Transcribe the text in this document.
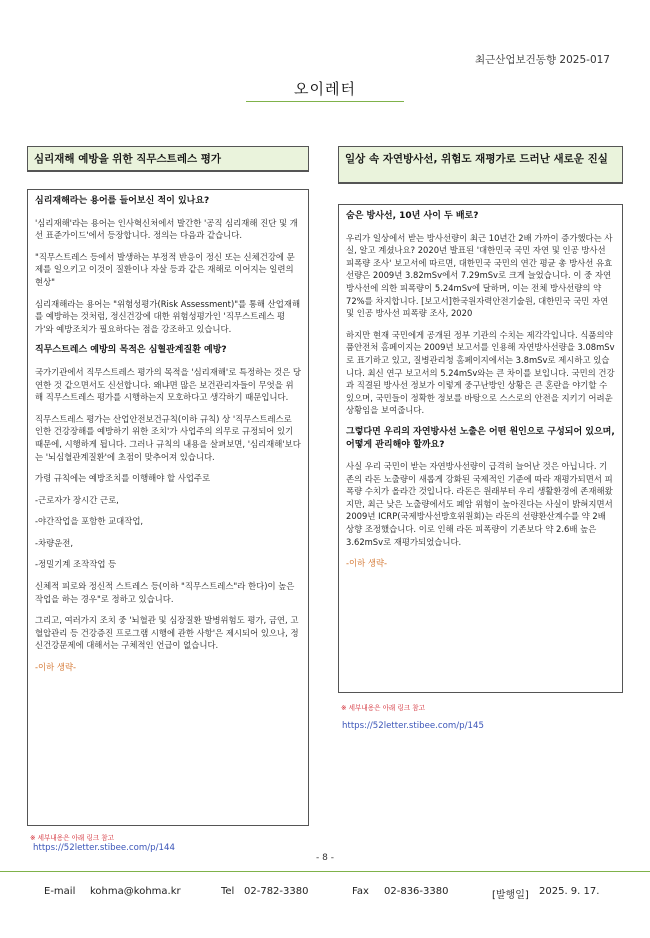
최근산업보건동향 2025-017
오이레터
심리재해 예방을 위한 직무스트레스 평가

심리재해라는 용어를 들어보신 적이 있나요?

'심리재해'라는 용어는 인사혁신처에서 발간한 '공직 심리재해 진단 및 개선 표준가이드'에서 등장합니다. 정의는 다음과 같습니다.

"직무스트레스 등에서 발생하는 부정적 반응이 정신 또는 신체건강에 문제를 일으키고 이것이 질환이나 자살 등과 같은 재해로 이어지는 일련의 현상"

심리재해라는 용어는 "위험성평가(Risk Assessment)"를 통해 산업재해를 예방하는 것처럼, 정신건강에 대한 위험성평가인 '직무스트레스 평가'와 예방조치가 필요하다는 점을 강조하고 있습니다.

직무스트레스 예방의 목적은 심혈관계질환 예방?

국가기관에서 직무스트레스 평가의 목적을 '심리재해'로 특정하는 것은 당연한 것 같으면서도 신선합니다. 왜냐면 많은 보건관리자들이 무엇을 위해 직무스트레스 평가를 시행하는지 모호하다고 생각하기 때문입니다.

직무스트레스 평가는 산업안전보건규칙(이하 규칙) 상 '직무스트레스로 인한 건강장해를 예방하기 위한 조치'가 사업주의 의무로 규정되어 있기 때문에, 시행하게 됩니다. 그러나 규칙의 내용을 살펴보면, '심리재해'보다는 '뇌심혈관계질환'에 초점이 맞추어져 있습니다.

가령 규칙에는 예방조치를 이행해야 할 사업주로

-근로자가 장시간 근로,

-야간작업을 포함한 교대작업,

-차량운전,

-정밀기계 조작작업 등

신체적 피로와 정신적 스트레스 등(이하 "직무스트레스"라 한다)이 높은 작업을 하는 경우"로 정하고 있습니다.

그리고, 여러가지 조치 중 '뇌혈관 및 심장질환 발병위험도 평가, 금연, 고혈압관리 등 건강증진 프로그램 시행에 관한 사항'은 제시되어 있으나, 정신건강문제에 대해서는 구체적인 언급이 없습니다.

-이하 생략-

※ 세부내용은 아래 링크 참고
https://52letter.stibee.com/p/144
일상 속 자연방사선, 위험도 재평가로 드러난 새로운 진실

숨은 방사선, 10년 사이 두 배로?

우리가 일상에서 받는 방사선량이 최근 10년간 2배 가까이 증가했다는 사실, 알고 계셨나요? 2020년 발표된 '대한민국 국민 자연 및 인공 방사선 피폭량 조사' 보고서에 따르면, 대한민국 국민의 연간 평균 총 방사선 유효선량은 2009년 3.82mSv에서 7.29mSv로 크게 늘었습니다. 이 중 자연방사선에 의한 피폭량이 5.24mSv에 달하며, 이는 전체 방사선량의 약 72%를 차지합니다. [보고서]한국원자력안전기술원, 대한민국 국민 자연 및 인공 방사선 피폭량 조사, 2020

하지만 현재 국민에게 공개된 정부 기관의 수치는 제각각입니다. 식품의약품안전처 홈페이지는 2009년 보고서를 인용해 자연방사선량을 3.08mSv로 표기하고 있고, 질병관리청 홈페이지에서는 3.8mSv로 제시하고 있습니다. 최신 연구 보고서의 5.24mSv와는 큰 차이를 보입니다. 국민의 건강과 직결된 방사선 정보가 이렇게 중구난방인 상황은 큰 혼란을 야기할 수 있으며, 국민들이 정확한 정보를 바탕으로 스스로의 안전을 지키기 어려운 상황임을 보여줍니다.

그렇다면 우리의 자연방사선 노출은 어떤 원인으로 구성되어 있으며, 어떻게 관리해야 할까요?

사실 우리 국민이 받는 자연방사선량이 급격히 늘어난 것은 아닙니다. 기존의 라돈 노출량이 새롭게 강화된 국제적인 기준에 따라 재평가되면서 피폭량 수치가 올라간 것입니다. 라돈은 원래부터 우리 생활환경에 존재해왔지만, 최근 낮은 노출량에서도 폐암 위험이 높아진다는 사실이 밝혀지면서 2009년 ICRP(국제방사선방호위원회)는 라돈의 선량환산계수를 약 2배 상향 조정했습니다. 이로 인해 라돈 피폭량이 기존보다 약 2.6배 높은 3.62mSv로 재평가되었습니다.

-이하 생략-

※ 세부내용은 아래 링크 참고
https://52letter.stibee.com/p/145
- 8 -
E-mail kohma@kohma.kr	Tel 02-782-3380	Fax 02-836-3380	[발행일] 2025. 9. 17.
